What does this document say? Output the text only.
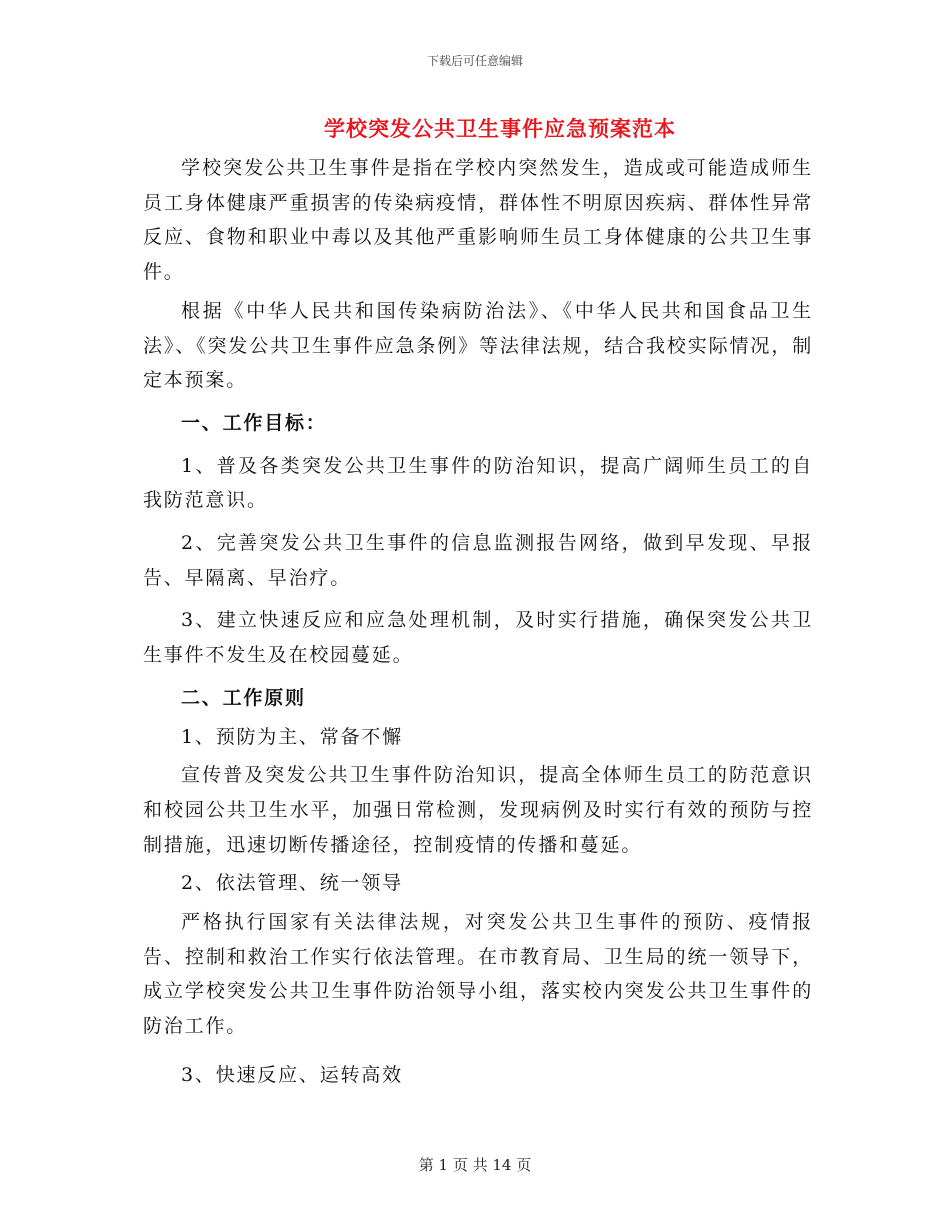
下载后可任意编辑
学校突发公共卫生事件应急预案范本

学校突发公共卫生事件是指在学校内突然发生，造成或可能造成师生员工身体健康严重损害的传染病疫情，群体性不明原因疾病、群体性异常反应、食物和职业中毒以及其他严重影响师生员工身体健康的公共卫生事件。

根据《中华人民共和国传染病防治法》、《中华人民共和国食品卫生法》、《突发公共卫生事件应急条例》等法律法规，结合我校实际情况，制定本预案。

一、工作目标：

1、普及各类突发公共卫生事件的防治知识，提高广阔师生员工的自我防范意识。

2、完善突发公共卫生事件的信息监测报告网络，做到早发现、早报告、早隔离、早治疗。

3、建立快速反应和应急处理机制，及时实行措施，确保突发公共卫生事件不发生及在校园蔓延。

二、工作原则

1、预防为主、常备不懈

宣传普及突发公共卫生事件防治知识，提高全体师生员工的防范意识和校园公共卫生水平，加强日常检测，发现病例及时实行有效的预防与控制措施，迅速切断传播途径，控制疫情的传播和蔓延。

2、依法管理、统一领导

严格执行国家有关法律法规，对突发公共卫生事件的预防、疫情报告、控制和救治工作实行依法管理。在市教育局、卫生局的统一领导下，成立学校突发公共卫生事件防治领导小组，落实校内突发公共卫生事件的防治工作。

3、快速反应、运转高效

第 1 页 共 14 页
